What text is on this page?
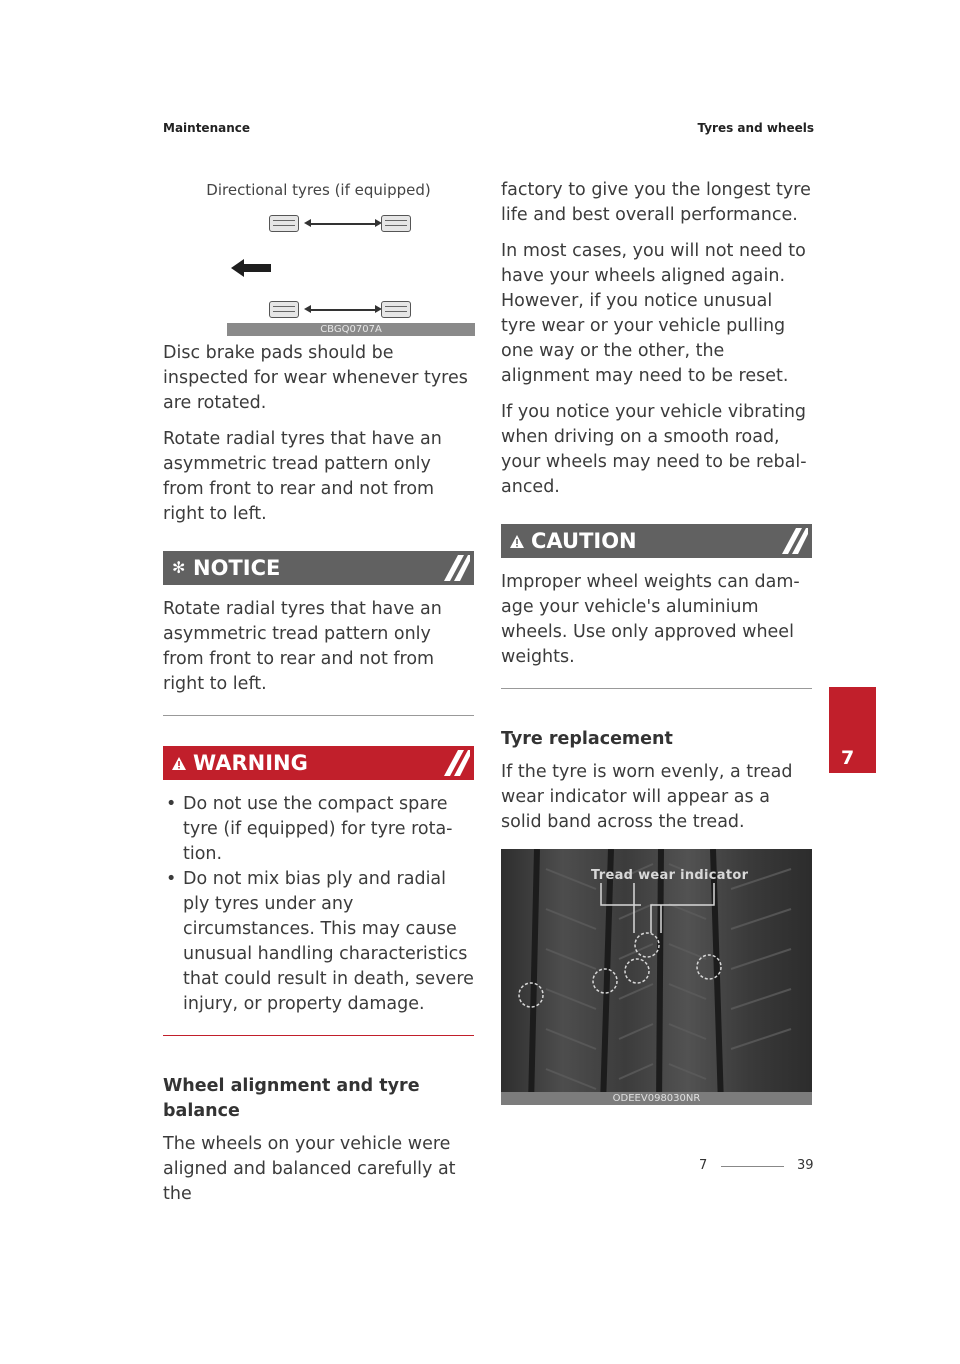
Maintenance	Tyres and wheels
Directional tyres (if equipped)
CBGQ0707A

Disc brake pads should be inspected for wear whenever tyres are rotated.

Rotate radial tyres that have an asymmetric tread pattern only from front to rear and not from right to left.

✻ NOTICE

Rotate radial tyres that have an asymmetric tread pattern only from front to rear and not from right to left.

WARNING
• Do not use the compact spare tyre (if equipped) for tyre rota-tion.
• Do not mix bias ply and radial ply tyres under any circumstances. This may cause unusual handling characteristics that could result in death, severe injury, or property damage.
Wheel alignment and tyre balance

The wheels on your vehicle were aligned and balanced carefully at the

factory to give you the longest tyre life and best overall performance.

In most cases, you will not need to have your wheels aligned again. However, if you notice unusual tyre wear or your vehicle pulling one way or the other, the alignment may need to be reset.

If you notice your vehicle vibrating when driving on a smooth road, your wheels may need to be rebal-anced.

CAUTION

Improper wheel weights can dam-age your vehicle's aluminium wheels. Use only approved wheel weights.

Tyre replacement

If the tyre is worn evenly, a tread wear indicator will appear as a solid band across the tread.

Tread wear indicator
ODEEV098030NR
7
7	39
